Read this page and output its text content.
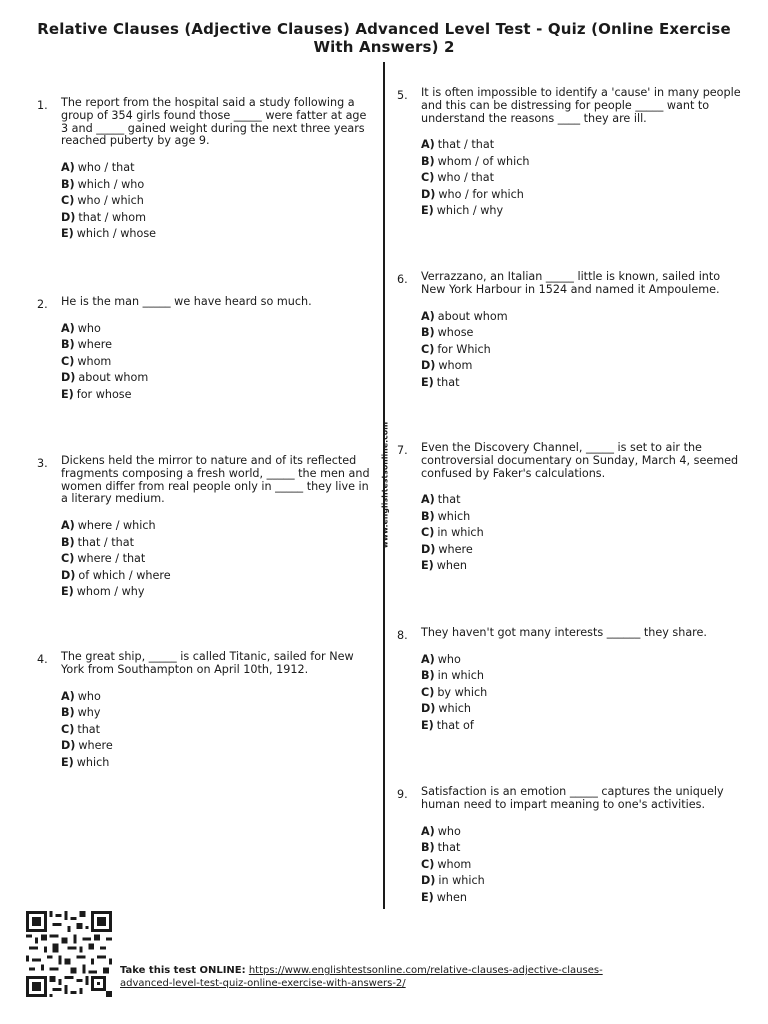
Relative Clauses (Adjective Clauses) Advanced Level Test - Quiz (Online Exercise With Answers) 2
www.englishtestsonline.com
1.	The report from the hospital said a study following a group of 354 girls found those _____ were fatter at age 3 and _____ gained weight during the next three years reached puberty by age 9.
A) who / that
B) which / who
C) who / which
D) that / whom
E) which / whose
2.	He is the man _____ we have heard so much.
A) who
B) where
C) whom
D) about whom
E) for whose
3.	Dickens held the mirror to nature and of its reflected fragments composing a fresh world, _____ the men and women differ from real people only in _____ they live in a literary medium.
A) where / which
B) that / that
C) where / that
D) of which / where
E) whom / why
4.	The great ship, _____ is called Titanic, sailed for New York from Southampton on April 10th, 1912.
A) who
B) why
C) that
D) where
E) which
5.	It is often impossible to identify a 'cause' in many people and this can be distressing for people _____ want to understand the reasons ____ they are ill.
A) that / that
B) whom / of which
C) who / that
D) who / for which
E) which / why
6.	Verrazzano, an Italian _____ little is known, sailed into New York Harbour in 1524 and named it Ampouleme.
A) about whom
B) whose
C) for Which
D) whom
E) that
7.	Even the Discovery Channel, _____ is set to air the controversial documentary on Sunday, March 4, seemed confused by Faker's calculations.
A) that
B) which
C) in which
D) where
E) when
8.	They haven't got many interests ______ they share.
A) who
B) in which
C) by which
D) which
E) that of
9.	Satisfaction is an emotion _____ captures the uniquely human need to impart meaning to one's activities.
A) who
B) that
C) whom
D) in which
E) when
Take this test ONLINE: https://www.englishtestsonline.com/relative-clauses-adjective-clauses-advanced-level-test-quiz-online-exercise-with-answers-2/
